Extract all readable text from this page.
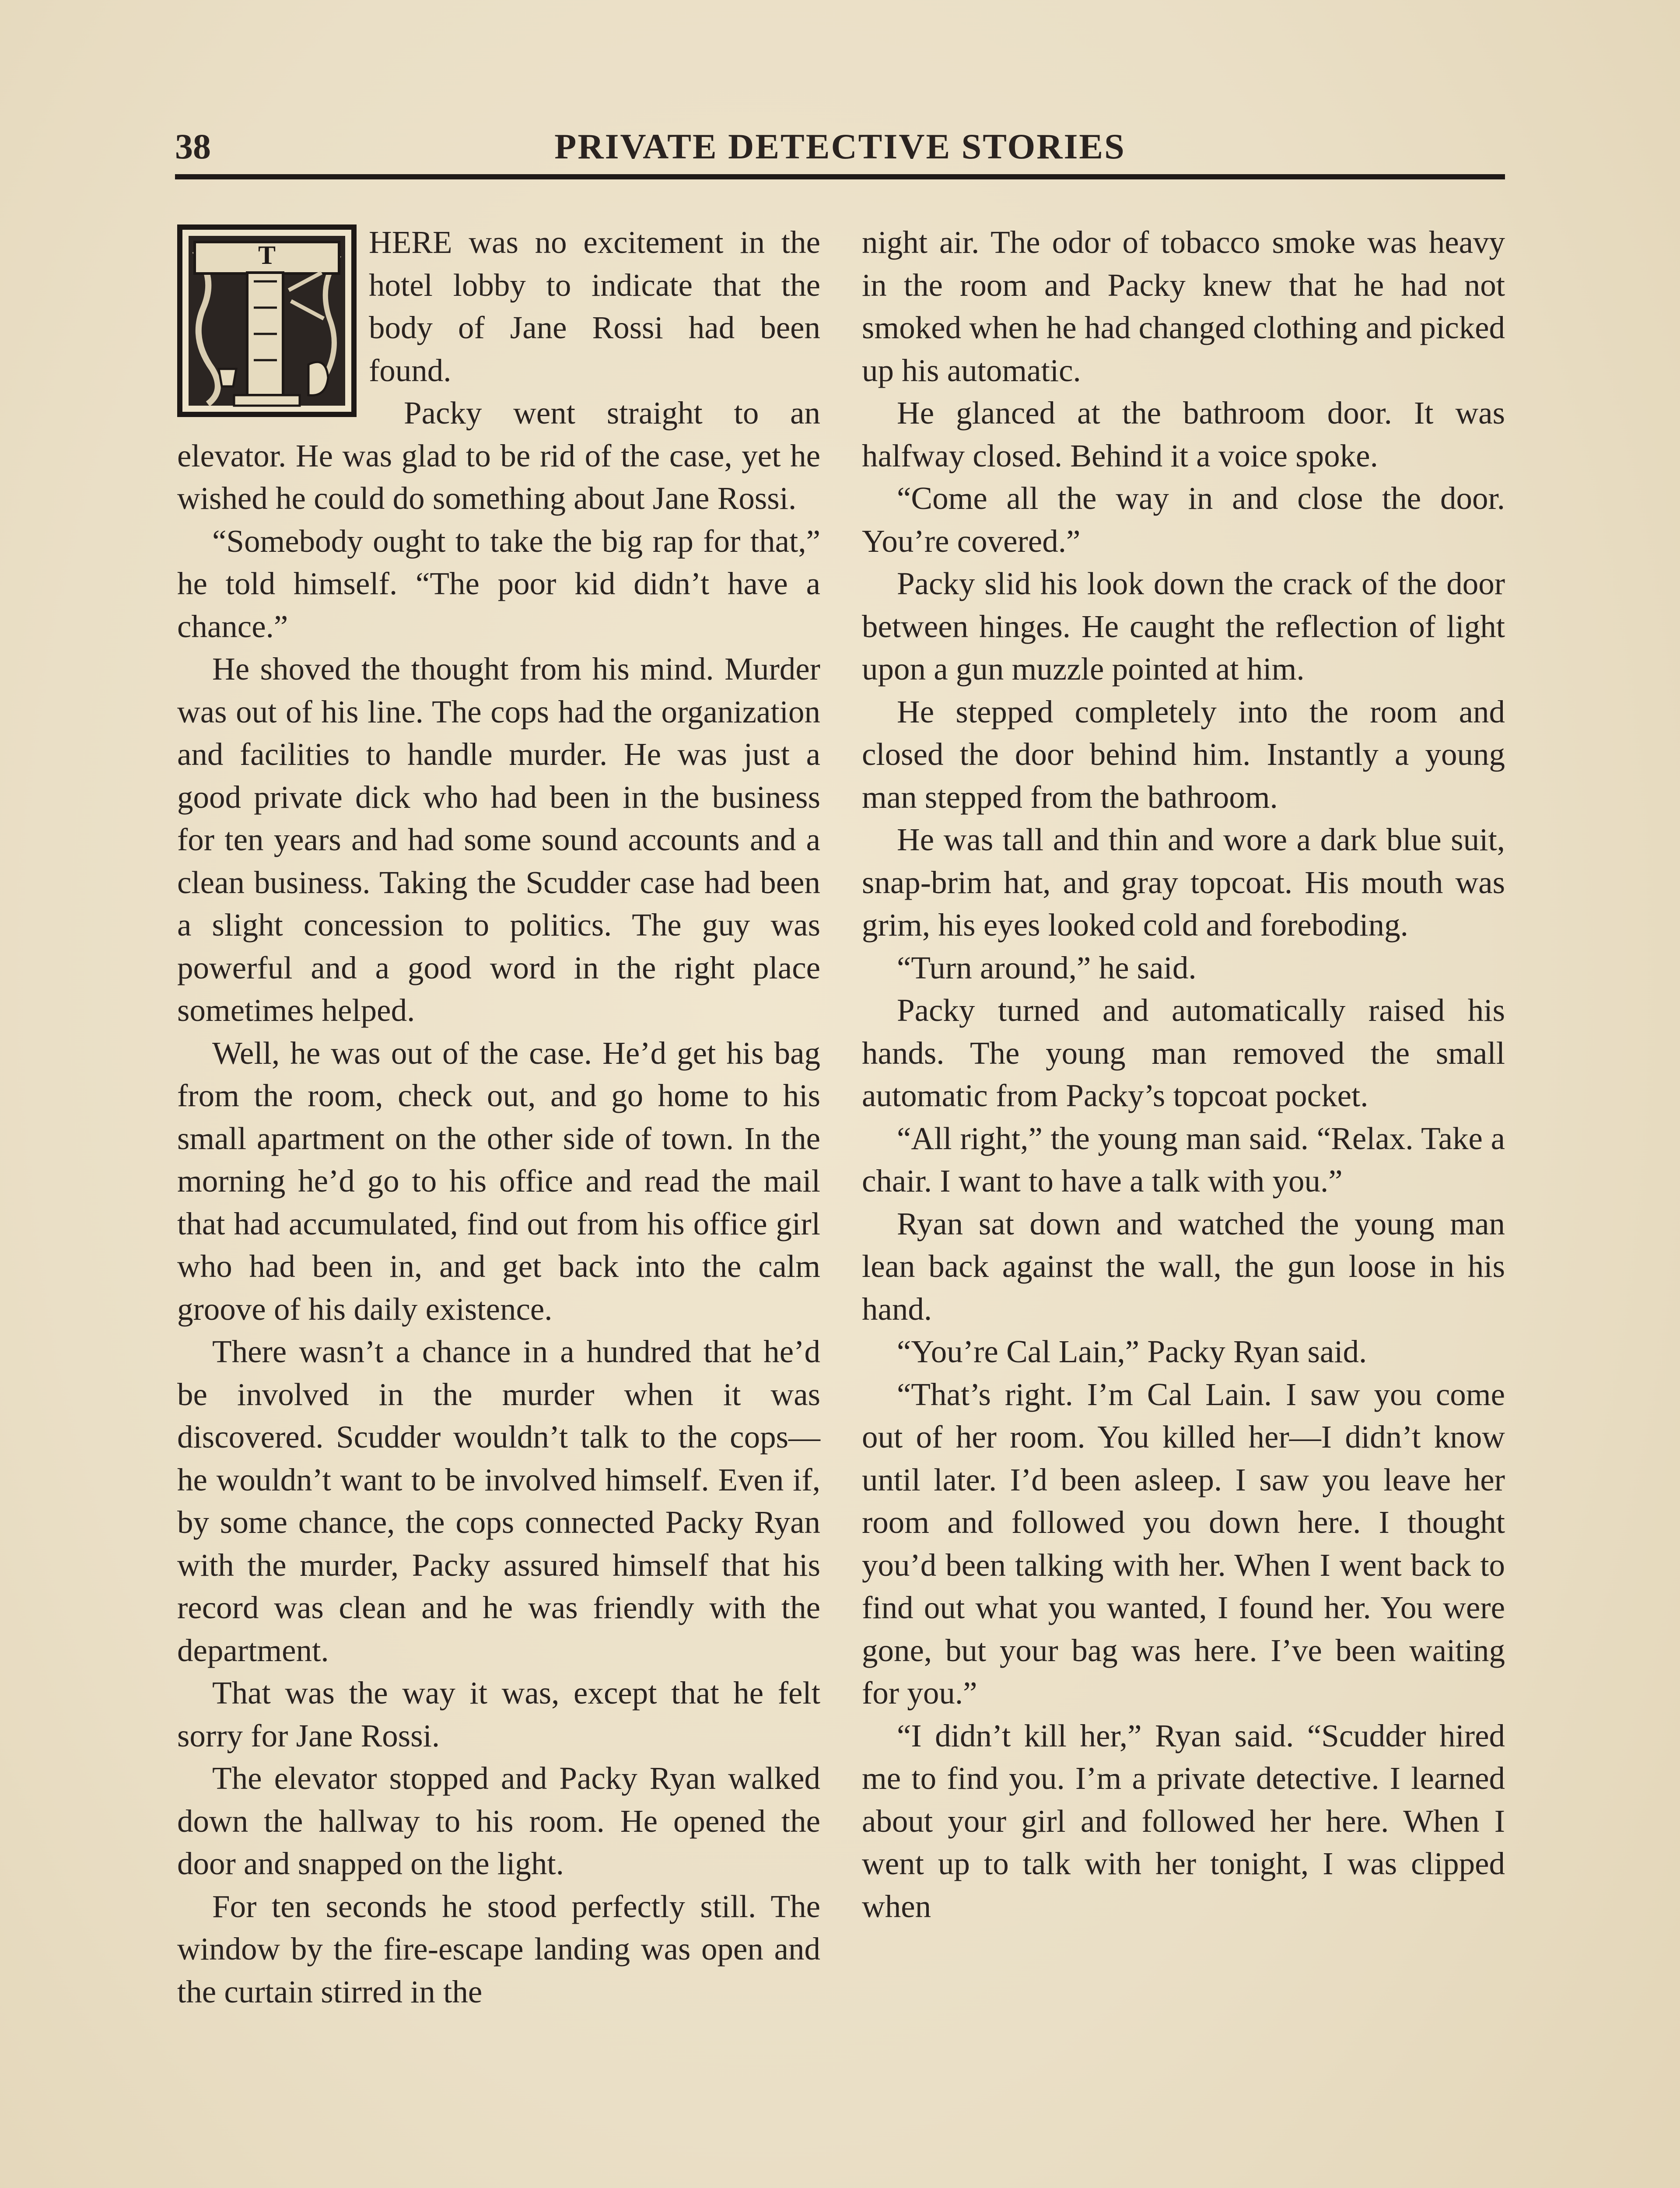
38	PRIVATE DETECTIVE STORIES
T	HERE was no excitement in the hotel lobby to indicate that the body of Jane Rossi had been found.

Packy went straight to an elevator. He was glad to be rid of the case, yet he wished he could do something about Jane Rossi.

“Somebody ought to take the big rap for that,” he told himself. “The poor kid didn’t have a chance.”

He shoved the thought from his mind. Murder was out of his line. The cops had the organization and facilities to handle murder. He was just a good private dick who had been in the business for ten years and had some sound accounts and a clean business. Taking the Scudder case had been a slight concession to politics. The guy was powerful and a good word in the right place sometimes helped.

Well, he was out of the case. He’d get his bag from the room, check out, and go home to his small apartment on the other side of town. In the morning he’d go to his office and read the mail that had accumulated, find out from his office girl who had been in, and get back into the calm groove of his daily existence.

There wasn’t a chance in a hundred that he’d be involved in the murder when it was discovered. Scudder wouldn’t talk to the cops—he wouldn’t want to be involved himself. Even if, by some chance, the cops connected Packy Ryan with the murder, Packy assured himself that his record was clean and he was friendly with the department.

That was the way it was, except that he felt sorry for Jane Rossi.

The elevator stopped and Packy Ryan walked down the hallway to his room. He opened the door and snapped on the light.

For ten seconds he stood perfectly still. The window by the fire-escape landing was open and the curtain stirred in the

night air. The odor of tobacco smoke was heavy in the room and Packy knew that he had not smoked when he had changed clothing and picked up his automatic.

He glanced at the bathroom door. It was halfway closed. Behind it a voice spoke.

“Come all the way in and close the door. You’re covered.”

Packy slid his look down the crack of the door between hinges. He caught the reflection of light upon a gun muzzle pointed at him.

He stepped completely into the room and closed the door behind him. Instantly a young man stepped from the bathroom.

He was tall and thin and wore a dark blue suit, snap-brim hat, and gray topcoat. His mouth was grim, his eyes looked cold and foreboding.

“Turn around,” he said.

Packy turned and automatically raised his hands. The young man removed the small automatic from Packy’s topcoat pocket.

“All right,” the young man said. “Relax. Take a chair. I want to have a talk with you.”

Ryan sat down and watched the young man lean back against the wall, the gun loose in his hand.

“You’re Cal Lain,” Packy Ryan said.

“That’s right. I’m Cal Lain. I saw you come out of her room. You killed her—I didn’t know until later. I’d been asleep. I saw you leave her room and followed you down here. I thought you’d been talking with her. When I went back to find out what you wanted, I found her. You were gone, but your bag was here. I’ve been waiting for you.”

“I didn’t kill her,” Ryan said. “Scudder hired me to find you. I’m a private detective. I learned about your girl and followed her here. When I went up to talk with her tonight, I was clipped when
